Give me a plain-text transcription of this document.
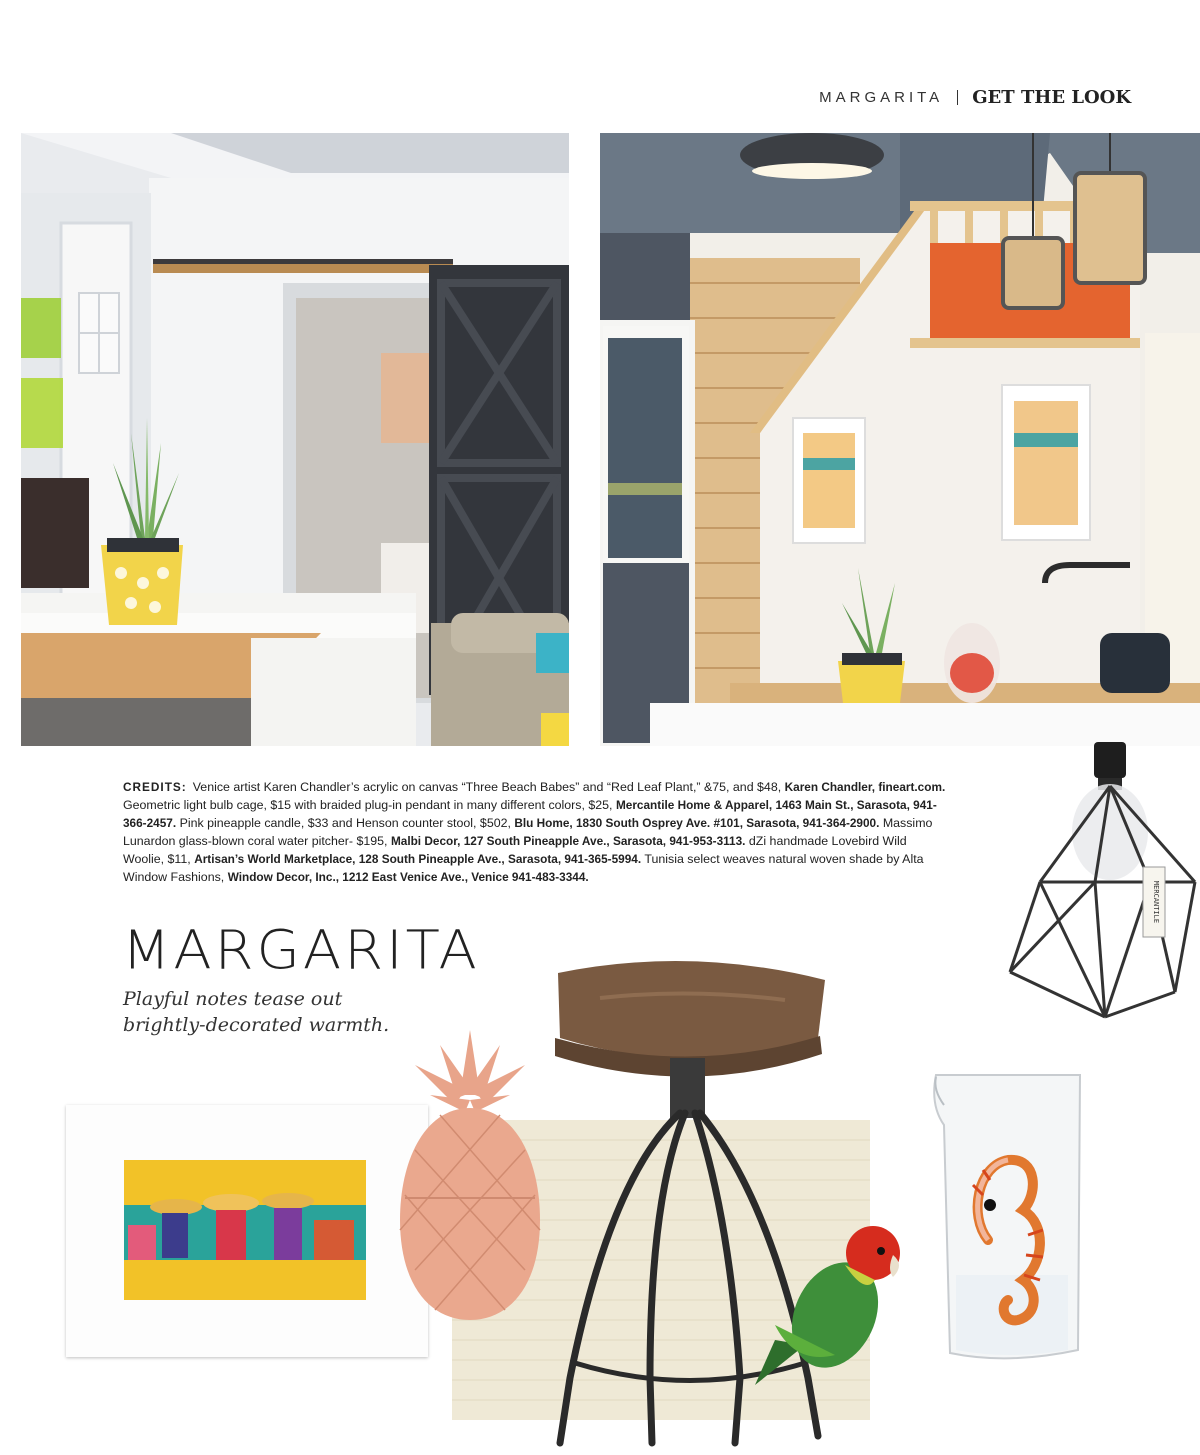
MARGARITA GET THE LOOK
CREDITS: Venice artist Karen Chandler’s acrylic on canvas “Three Beach Babes” and “Red Leaf Plant,” &75, and $48, Karen Chandler, fineart.com. Geometric light bulb cage, $15 with braided plug-in pendant in many different colors, $25, Mercantile Home & Apparel, 1463 Main St., Sarasota, 941-366-2457. Pink pineapple candle, $33 and Henson counter stool, $502, Blu Home, 1830 South Osprey Ave. #101, Sarasota, 941-364-2900. Massimo Lunardon glass-blown coral water pitcher- $195, Malbi Decor, 127 South Pineapple Ave., Sarasota, 941-953-3113. dZi handmade Lovebird Wild Woolie, $11, Artisan’s World Marketplace, 128 South Pineapple Ave., Sarasota, 941-365-5994. Tunisia select weaves natural woven shade by Alta Window Fashions, Window Decor, Inc., 1212 East Venice Ave., Venice 941-483-3344.
MARGARITA
Playful notes tease out brightly-decorated warmth.
MERCANTILE
